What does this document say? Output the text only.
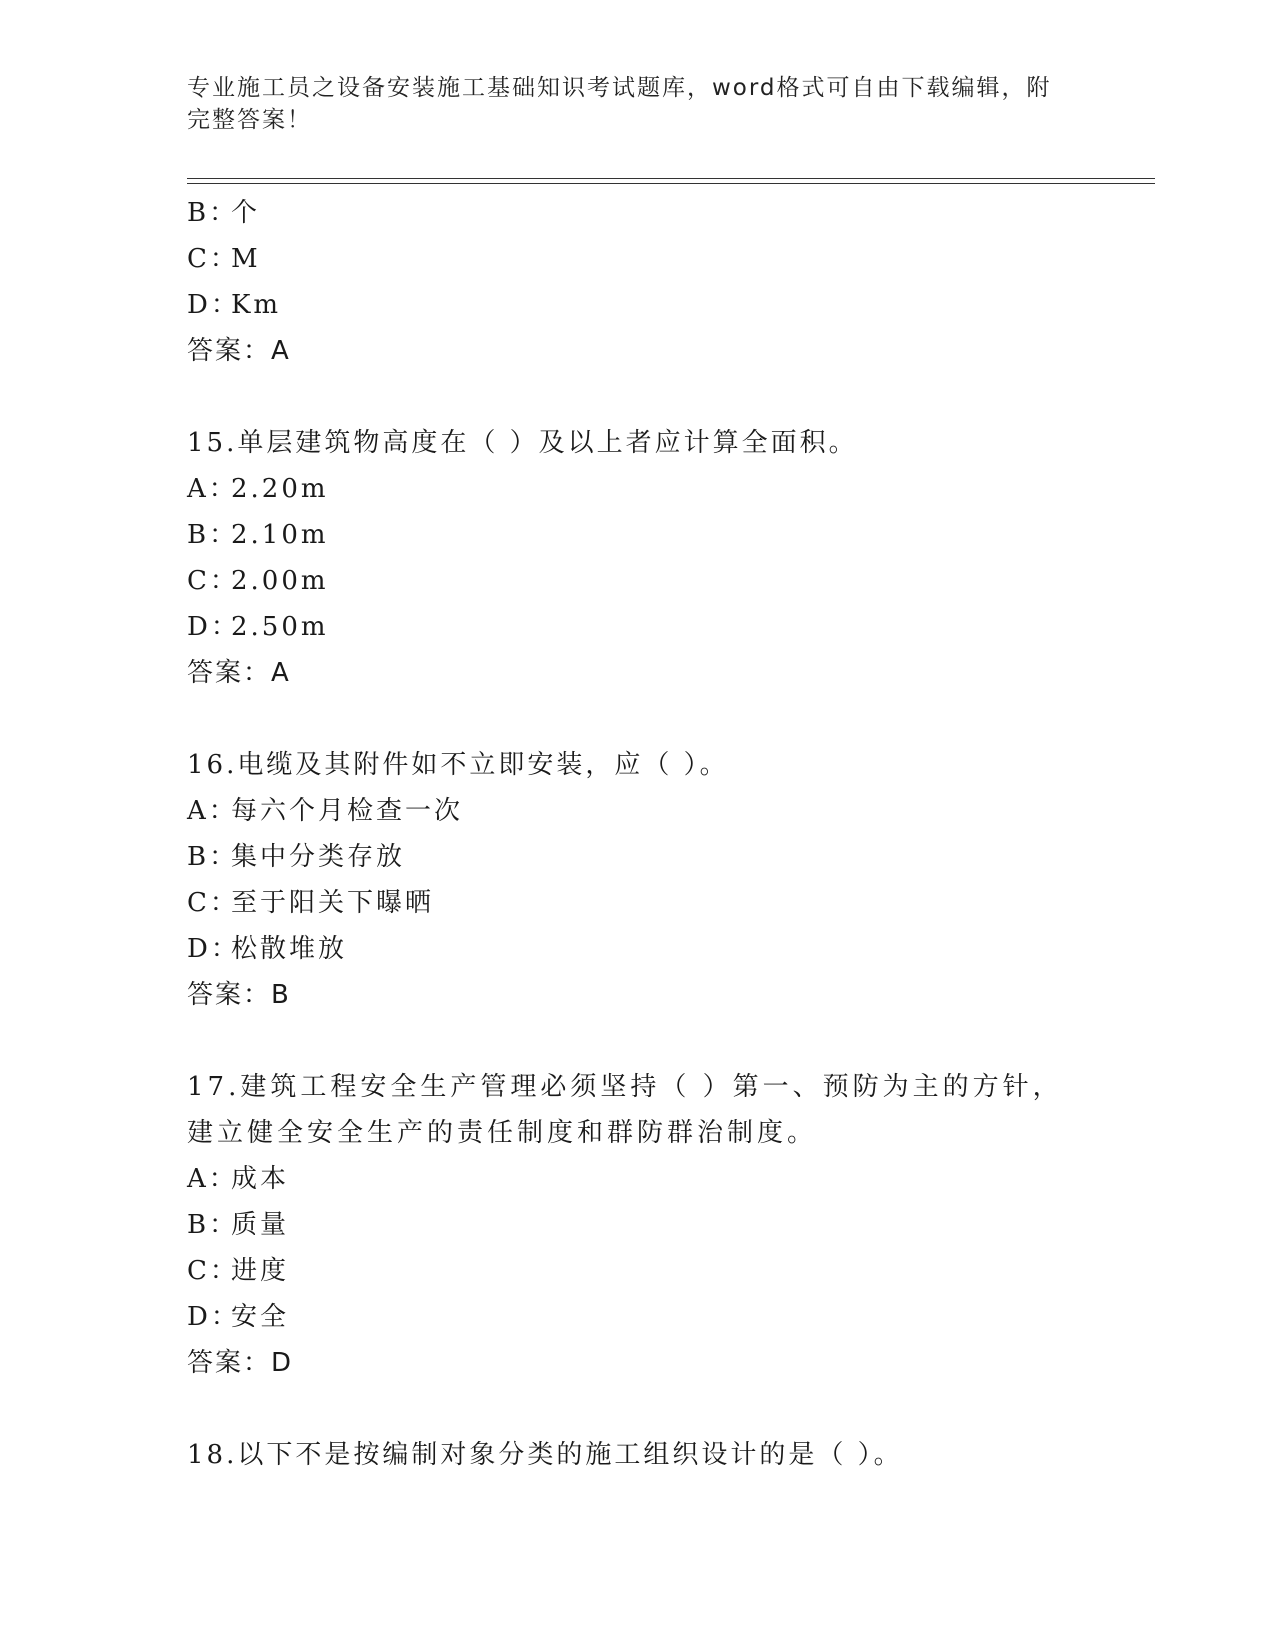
专业施工员之设备安装施工基础知识考试题库，word格式可自由下载编辑，附完整答案！
B：个
C：M
D：Km
答案：A
15.单层建筑物高度在（ ）及以上者应计算全面积。
A：2.20m
B：2.10m
C：2.00m
D：2.50m
答案：A
16.电缆及其附件如不立即安装，应（ ）。
A：每六个月检查一次
B：集中分类存放
C：至于阳关下曝晒
D：松散堆放
答案：B
17.建筑工程安全生产管理必须坚持（ ）第一、预防为主的方针，建立健全安全生产的责任制度和群防群治制度。
A：成本
B：质量
C：进度
D：安全
答案：D
18.以下不是按编制对象分类的施工组织设计的是（ ）。
